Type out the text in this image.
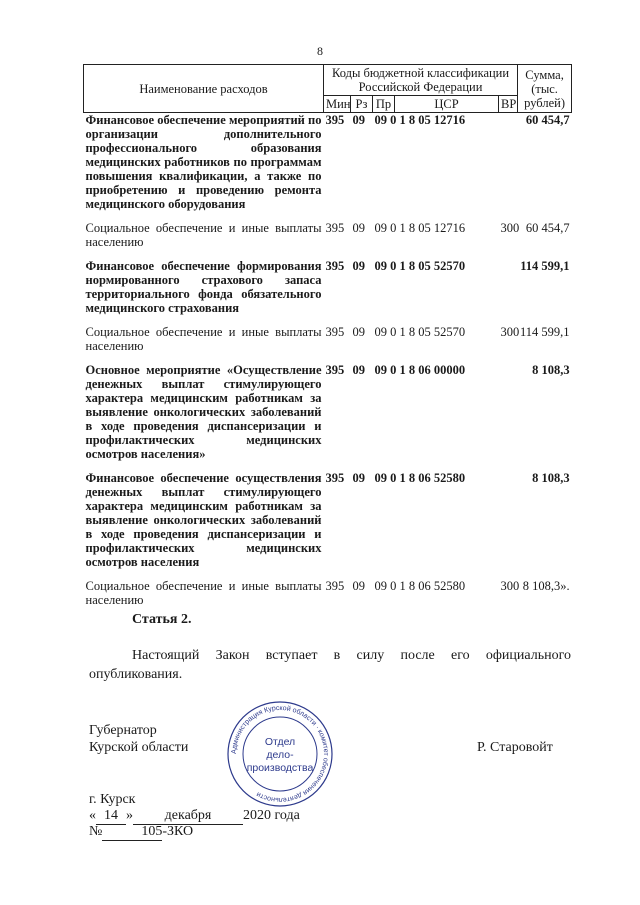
8
Наименование расходов	Коды бюджетной классификации Российской Федерации					Сумма, (тыс. рублей)
	Мин	Рз	Пр	ЦСР	ВР	
Финансовое обеспечение мероприятий по организации дополнительного профессионального образования медицинских работников по программам повышения квалификации, а также по приобретению и проведению ремонта медицинского оборудования	395	09	09 0 1 8 05 12716			60 454,7

Социальное обеспечение и иные выплаты населению	395	09	09 0 1 8 05 12716		300	60 454,7

Финансовое обеспечение формирования нормированного страхового запаса территориального фонда обязательного медицинского страхования	395	09	09 0 1 8 05 52570			114 599,1

Социальное обеспечение и иные выплаты населению	395	09	09 0 1 8 05 52570		300	114 599,1

Основное мероприятие «Осуществление денежных выплат стимулирующего характера медицинским работникам за выявление онкологических заболеваний в ходе проведения диспансеризации и профилактических медицинских осмотров населения»	395	09	09 0 1 8 06 00000			8 108,3

Финансовое обеспечение осуществления денежных выплат стимулирующего характера медицинским работникам за выявление онкологических заболеваний в ходе проведения диспансеризации и профилактических медицинских осмотров населения	395	09	09 0 1 8 06 52580			8 108,3

Социальное обеспечение и иные выплаты населению	395	09	09 0 1 8 06 52580		300	8 108,3».
Статья 2.
Настоящий Закон вступает в силу после его официального опубликования.
Губернатор
Курской области	Р. Старовойт
Администрация Курской области · комитет обеспечения деятельности
Отдел
дело-
производства
г. Курск
« 14 » декабря 2020 года
№	105-ЗКО
